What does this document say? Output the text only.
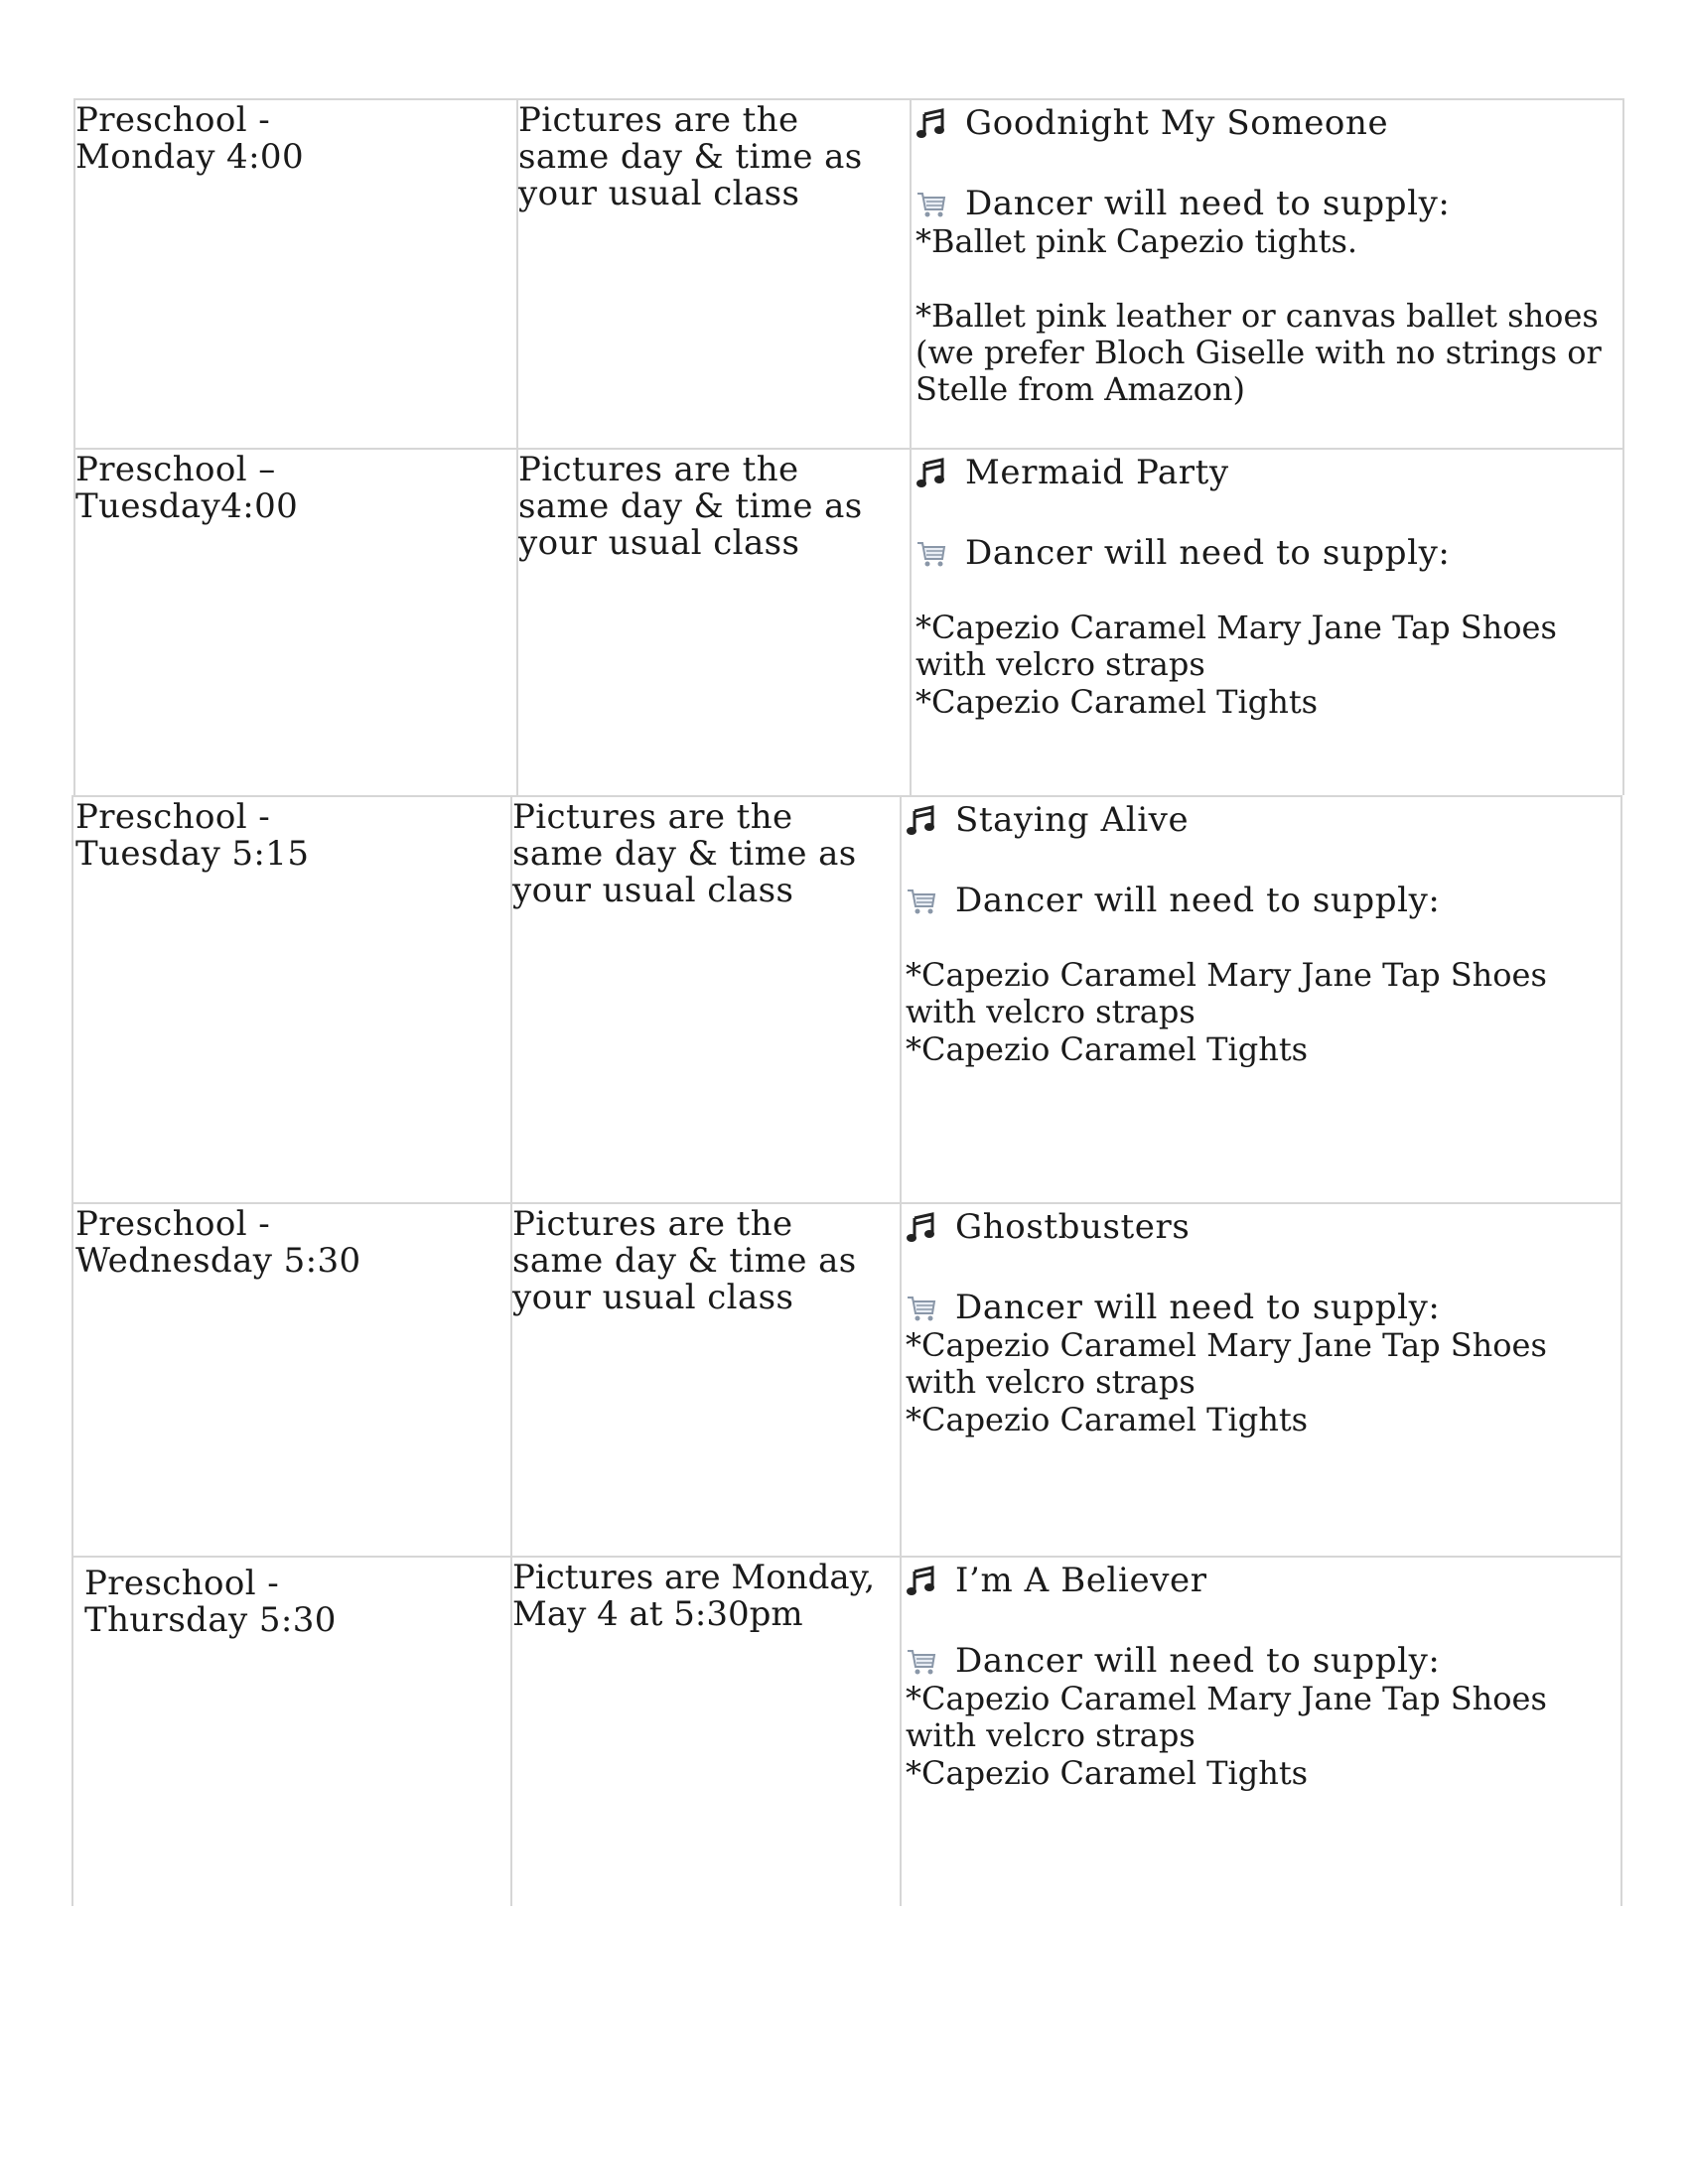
Preschool -
Monday 4:00
Pictures are the
same day & time as
your usual class
Goodnight My Someone
Dancer will need to supply:
*Ballet pink Capezio tights.
*Ballet pink leather or canvas ballet shoes
(we prefer Bloch Giselle with no strings or
Stelle from Amazon)
Preschool –
Tuesday4:00
Pictures are the
same day & time as
your usual class
Mermaid Party
Dancer will need to supply:
*Capezio Caramel Mary Jane Tap Shoes
with velcro straps
*Capezio Caramel Tights
Preschool -
Tuesday 5:15
Pictures are the
same day & time as
your usual class
Staying Alive
Dancer will need to supply:
*Capezio Caramel Mary Jane Tap Shoes
with velcro straps
*Capezio Caramel Tights
Preschool -
Wednesday 5:30
Pictures are the
same day & time as
your usual class
Ghostbusters
Dancer will need to supply:
*Capezio Caramel Mary Jane Tap Shoes
with velcro straps
*Capezio Caramel Tights
Preschool -
Thursday 5:30
Pictures are Monday,
May 4 at 5:30pm
I’m A Believer
Dancer will need to supply:
*Capezio Caramel Mary Jane Tap Shoes
with velcro straps
*Capezio Caramel Tights
